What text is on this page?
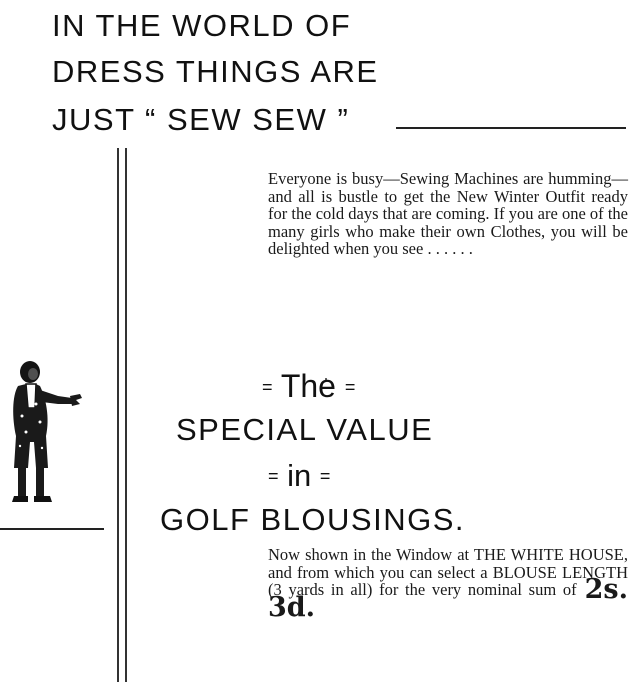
IN THE WORLD OF
DRESS THINGS ARE
JUST “ SEW SEW ”
Everyone is busy—Sewing Machines are humming—and all is bustle to get the New Winter Outfit ready for the cold days that are coming. If you are one of the many girls who make their own Clothes, you will be delighted when you see . . . . . .
= The =
SPECIAL VALUE
= in =
GOLF BLOUSINGS.
Now shown in the Window at THE WHITE HOUSE, and from which you can select a BLOUSE LENGTH (3 yards in all) for the very nominal sum of 2s. 3d.
